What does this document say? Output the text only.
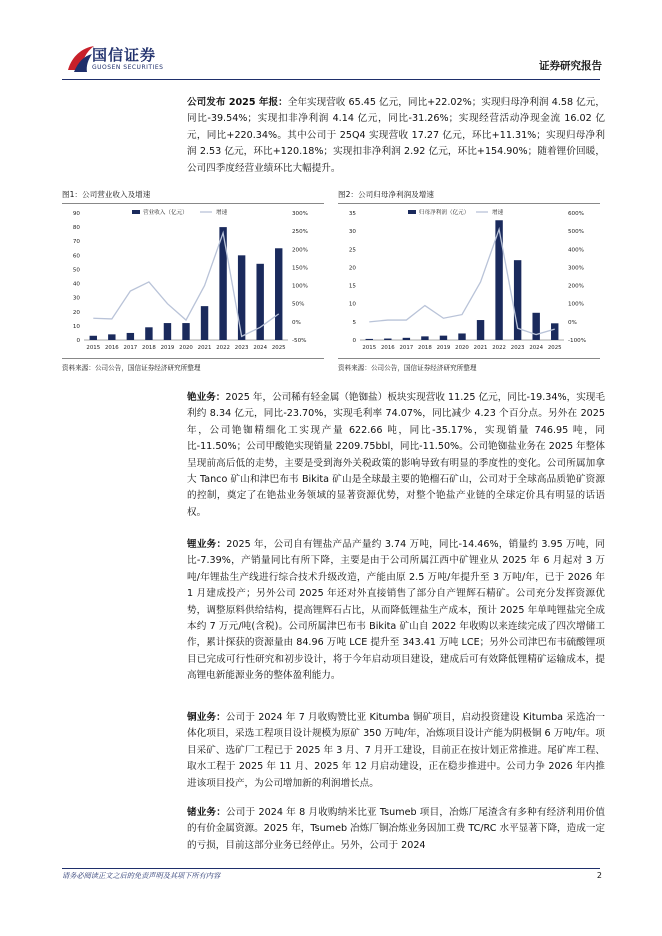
国信证券
GUOSEN SECURITIES	证券研究报告
公司发布 2025 年报：全年实现营收 65.45 亿元，同比+22.02%；实现归母净利润 4.58 亿元，同比-39.54%；实现扣非净利润 4.14 亿元，同比-31.26%；实现经营活动净现金流 16.02 亿元，同比+220.34%。其中公司于 25Q4 实现营收 17.27 亿元，环比+11.31%；实现归母净利润 2.53 亿元，环比+120.18%；实现扣非净利润 2.92 亿元，环比+154.90%；随着锂价回暖，公司四季度经营业绩环比大幅提升。
图1：公司营业收入及增速	图2：公司归母净利润及增速
0
10
20
30
40
50
60
70
80
90
-50%
0%
50%
100%
150%
200%
250%
300%
2015 2016 2017 2018 2019 2020 2021 2022 2023 2024 2025
营业收入（亿元）	增速
0
5
10
15
20
25
30
35
-100%
0%
100%
200%
300%
400%
500%
600%
2015 2016 2017 2018 2019 2020 2021 2022 2023 2024 2025
归母净利润（亿元）	增速
资料来源：公司公告，国信证券经济研究所整理	资料来源：公司公告，国信证券经济研究所整理
铯业务：2025 年，公司稀有轻金属（铯铷盐）板块实现营收 11.25 亿元，同比-19.34%，实现毛利约 8.34 亿元，同比-23.70%，实现毛利率 74.07%，同比减少 4.23 个百分点。另外在 2025 年，公司铯铷精细化工实现产量 622.66 吨，同比-35.17%，实现销量 746.95 吨，同比-11.50%；公司甲酸铯实现销量 2209.75bbl，同比-11.50%。公司铯铷盐业务在 2025 年整体呈现前高后低的走势，主要是受到海外关税政策的影响导致有明显的季度性的变化。公司所属加拿大 Tanco 矿山和津巴布韦 Bikita 矿山是全球最主要的铯榴石矿山，公司对于全球高品质铯矿资源的控制，奠定了在铯盐业务领域的显著资源优势，对整个铯盐产业链的全球定价具有明显的话语权。
锂业务：2025 年，公司自有锂盐产品产量约 3.74 万吨，同比-14.46%，销量约 3.95 万吨，同比-7.39%，产销量同比有所下降，主要是由于公司所属江西中矿锂业从 2025 年 6 月起对 3 万吨/年锂盐生产线进行综合技术升级改造，产能由原 2.5 万吨/年提升至 3 万吨/年，已于 2026 年 1 月建成投产；另外公司 2025 年还对外直接销售了部分自产锂辉石精矿。公司充分发挥资源优势，调整原料供给结构，提高锂辉石占比，从而降低锂盐生产成本，预计 2025 年单吨锂盐完全成本约 7 万元/吨(含税)。公司所属津巴布韦 Bikita 矿山自 2022 年收购以来连续完成了四次增储工作，累计探获的资源量由 84.96 万吨 LCE 提升至 343.41 万吨 LCE；另外公司津巴布韦硫酸锂项目已完成可行性研究和初步设计，将于今年启动项目建设，建成后可有效降低锂精矿运输成本，提高锂电新能源业务的整体盈利能力。
铜业务：公司于 2024 年 7 月收购赞比亚 Kitumba 铜矿项目，启动投资建设 Kitumba 采选冶一体化项目，采选工程项目设计规模为原矿 350 万吨/年，冶炼项目设计产能为阴极铜 6 万吨/年。项目采矿、选矿厂工程已于 2025 年 3 月、7 月开工建设，目前正在按计划正常推进。尾矿库工程、取水工程于 2025 年 11 月、2025 年 12 月启动建设，正在稳步推进中。公司力争 2026 年内推进该项目投产，为公司增加新的利润增长点。
锗业务：公司于 2024 年 8 月收购纳米比亚 Tsumeb 项目，冶炼厂尾渣含有多种有经济利用价值的有价金属资源。2025 年，Tsumeb 冶炼厂铜冶炼业务因加工费 TC/RC 水平显著下降，造成一定的亏损，目前这部分业务已经停止。另外，公司于 2024
请务必阅读正文之后的免责声明及其项下所有内容	2
